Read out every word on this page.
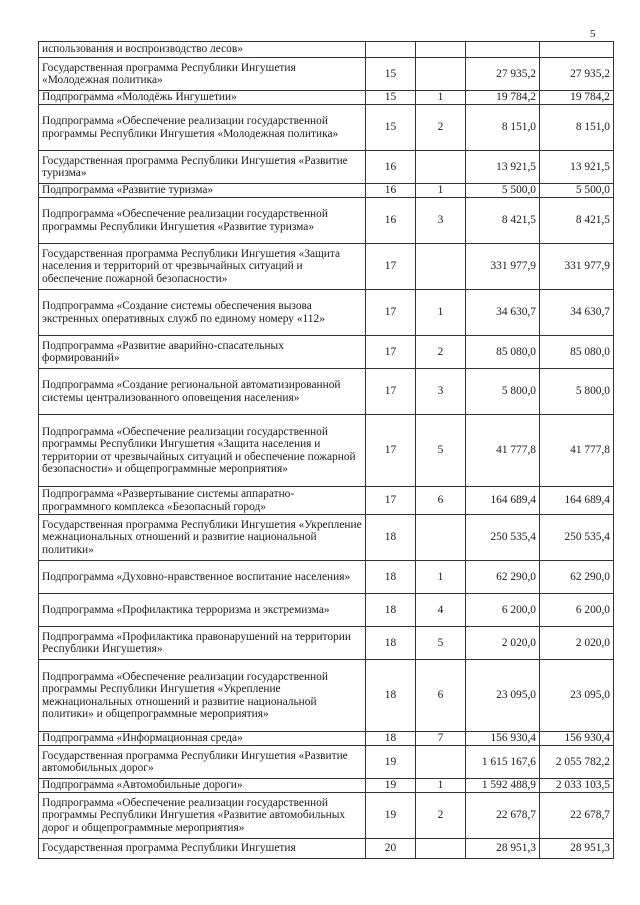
5
использования и воспроизводство лесов»				
Государственная программа Республики Ингушетия «Молодежная политика»	15		27 935,2	27 935,2
Подпрограмма «Молодёжь Ингушетии»	15	1	19 784,2	19 784,2
Подпрограмма «Обеспечение реализации государственной программы Республики Ингушетия «Молодежная политика»	15	2	8 151,0	8 151,0
Государственная программа Республики Ингушетия «Развитие туризма»	16		13 921,5	13 921,5
Подпрограмма «Развитие туризма»	16	1	5 500,0	5 500,0
Подпрограмма «Обеспечение реализации государственной программы Республики Ингушетия «Развитие туризма»	16	3	8 421,5	8 421,5
Государственная программа Республики Ингушетия «Защита населения и территорий от чрезвычайных ситуаций и обеспечение пожарной безопасности»	17		331 977,9	331 977,9
Подпрограмма «Создание системы обеспечения вызова экстренных оперативных служб по единому номеру «112»	17	1	34 630,7	34 630,7
Подпрограмма «Развитие аварийно-спасательных формирований»	17	2	85 080,0	85 080,0
Подпрограмма «Создание региональной автоматизированной системы централизованного оповещения населения»	17	3	5 800,0	5 800,0
Подпрограмма «Обеспечение реализации государственной программы Республики Ингушетия «Защита населения и территории от чрезвычайных ситуаций и обеспечение пожарной безопасности» и общепрограммные мероприятия»	17	5	41 777,8	41 777,8
Подпрограмма «Развертывание системы аппаратно-программного комплекса «Безопасный город»	17	6	164 689,4	164 689,4
Государственная программа Республики Ингушетия «Укрепление межнациональных отношений и развитие национальной политики»	18		250 535,4	250 535,4
Подпрограмма «Духовно-нравственное воспитание населения»	18	1	62 290,0	62 290,0
Подпрограмма «Профилактика терроризма и экстремизма»	18	4	6 200,0	6 200,0
Подпрограмма «Профилактика правонарушений на территории Республики Ингушетия»	18	5	2 020,0	2 020,0
Подпрограмма «Обеспечение реализации государственной программы Республики Ингушетия «Укрепление межнациональных отношений и развитие национальной политики» и общепрограммные мероприятия»	18	6	23 095,0	23 095,0
Подпрограмма «Информационная среда»	18	7	156 930,4	156 930,4
Государственная программа Республики Ингушетия «Развитие автомобильных дорог»	19		1 615 167,6	2 055 782,2
Подпрограмма «Автомобильные дороги»	19	1	1 592 488,9	2 033 103,5
Подпрограмма «Обеспечение реализации государственной программы Республики Ингушетия «Развитие автомобильных дорог и общепрограммные мероприятия»	19	2	22 678,7	22 678,7
Государственная программа Республики Ингушетия	20		28 951,3	28 951,3
